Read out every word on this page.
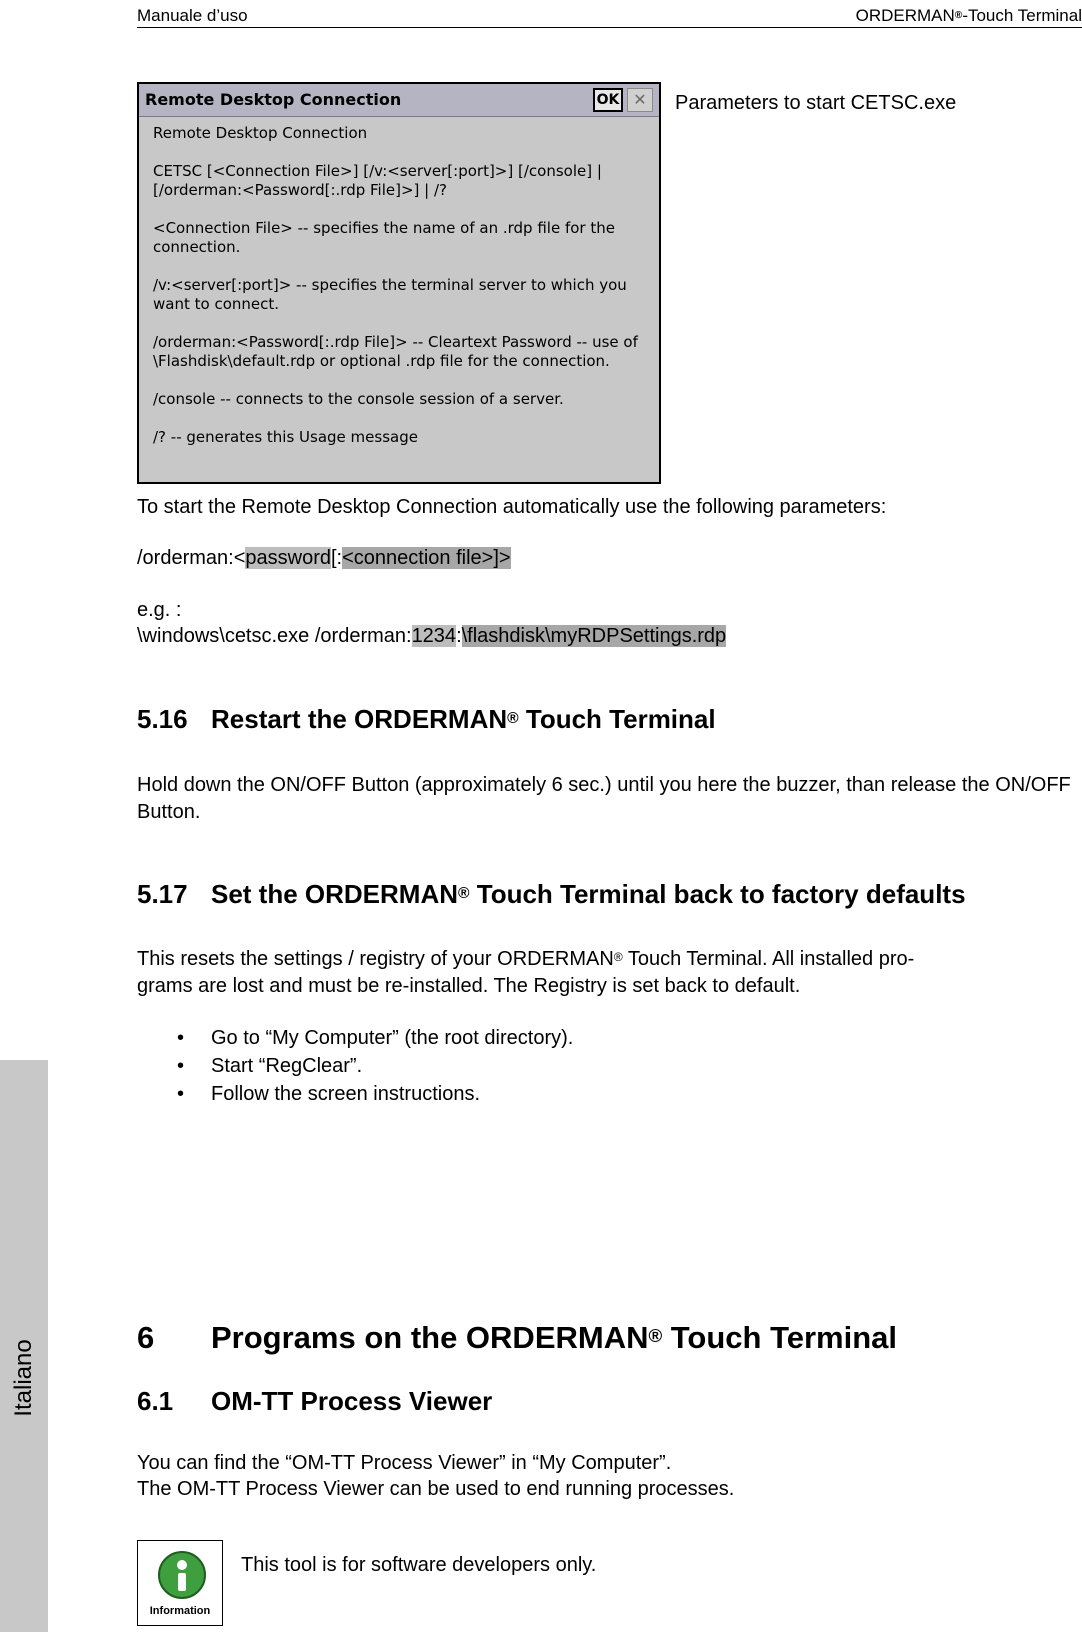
Manuale d’uso	ORDERMAN®-Touch Terminal
Remote Desktop Connection	OK ✕

Remote Desktop Connection

CETSC [<Connection File>] [/v:<server[:port]>] [/console] | [/orderman:<Password[:.rdp File]>] | /?

<Connection File> -- specifies the name of an .rdp file for the connection.

/v:<server[:port]> -- specifies the terminal server to which you want to connect.

/orderman:<Password[:.rdp File]> -- Cleartext Password -- use of \Flashdisk\default.rdp or optional .rdp file for the connection.

/console -- connects to the console session of a server.

/? -- generates this Usage message

Parameters to start CETSC.exe
To start the Remote Desktop Connection automatically use the following parameters:
/orderman:<password[:<connection file>]>
e.g. :
\windows\cetsc.exe /orderman:1234:\flashdisk\myRDPSettings.rdp
5.16 Restart the ORDERMAN® Touch Terminal
Hold down the ON/OFF Button (approximately 6 sec.) until you here the buzzer, than release the ON/OFF Button.
5.17 Set the ORDERMAN® Touch Terminal back to factory defaults
This resets the settings / registry of your ORDERMAN® Touch Terminal. All installed pro-
grams are lost and must be re-installed. The Registry is set back to default.
• Go to “My Computer” (the root directory).
• Start “RegClear”.
• Follow the screen instructions.
6 Programs on the ORDERMAN® Touch Terminal
6.1 OM-TT Process Viewer
You can find the “OM-TT Process Viewer” in “My Computer”.
The OM-TT Process Viewer can be used to end running processes.
Information
This tool is for software developers only.
Italiano
